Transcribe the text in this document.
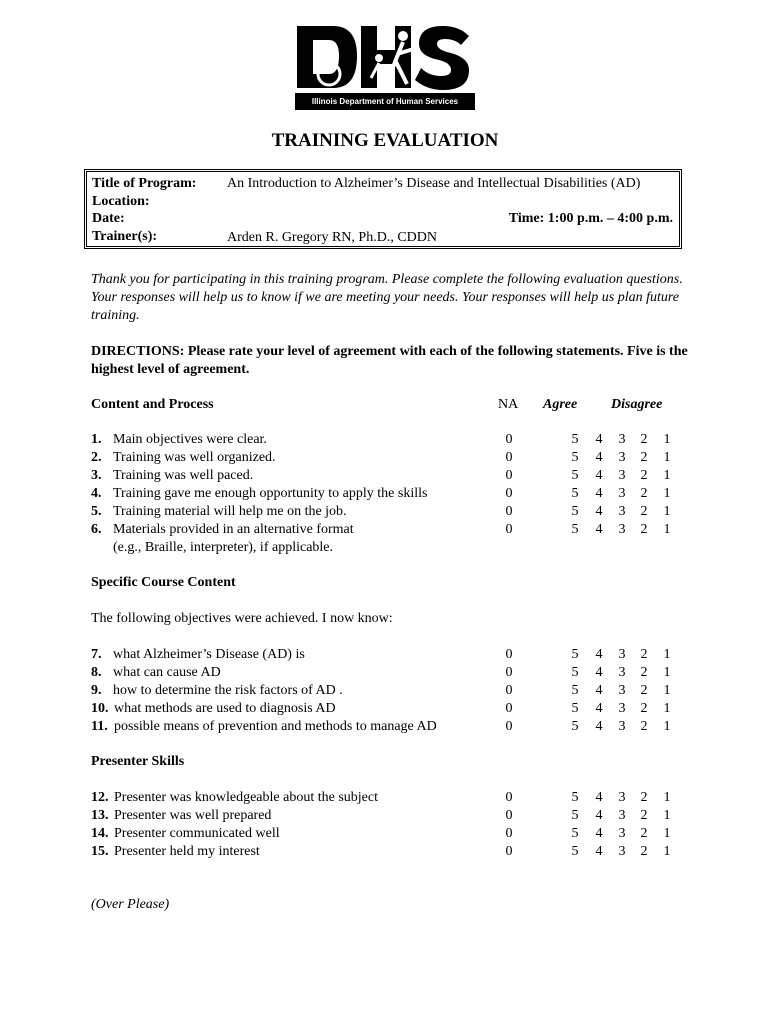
Illinois Department of Human Services
TRAINING EVALUATION
Title of Program: An Introduction to Alzheimer’s Disease and Intellectual Disabilities (AD)
Location:
Date:	Time: 1:00 p.m. – 4:00 p.m.
Trainer(s):	Arden R. Gregory RN, Ph.D., CDDN
Thank you for participating in this training program. Please complete the following evaluation questions. Your responses will help us to know if we are meeting your needs. Your responses will help us plan future training.
DIRECTIONS: Please rate your level of agreement with each of the following statements. Five is the highest level of agreement.
Content and Process	NA Agree Disagree
1. Main objectives were clear.	0	5 4 3 2 1
2. Training was well organized.	0	5 4 3 2 1
3. Training was well paced.	0	5 4 3 2 1
4. Training gave me enough opportunity to apply the skills	0	5 4 3 2 1
5. Training material will help me on the job.	0	5 4 3 2 1
6. Materials provided in an alternative format	0	5 4 3 2 1
(e.g., Braille, interpreter), if applicable.
Specific Course Content
The following objectives were achieved. I now know:
7. what Alzheimer’s Disease (AD) is	0	5 4 3 2 1
8. what can cause AD	0	5 4 3 2 1
9. how to determine the risk factors of AD .	0	5 4 3 2 1
10. what methods are used to diagnosis AD	0	5 4 3 2 1
11. possible means of prevention and methods to manage AD	0	5 4 3 2 1
Presenter Skills
12. Presenter was knowledgeable about the subject	0	5 4 3 2 1
13. Presenter was well prepared	0	5 4 3 2 1
14. Presenter communicated well	0	5 4 3 2 1
15. Presenter held my interest	0	5 4 3 2 1
(Over Please)
